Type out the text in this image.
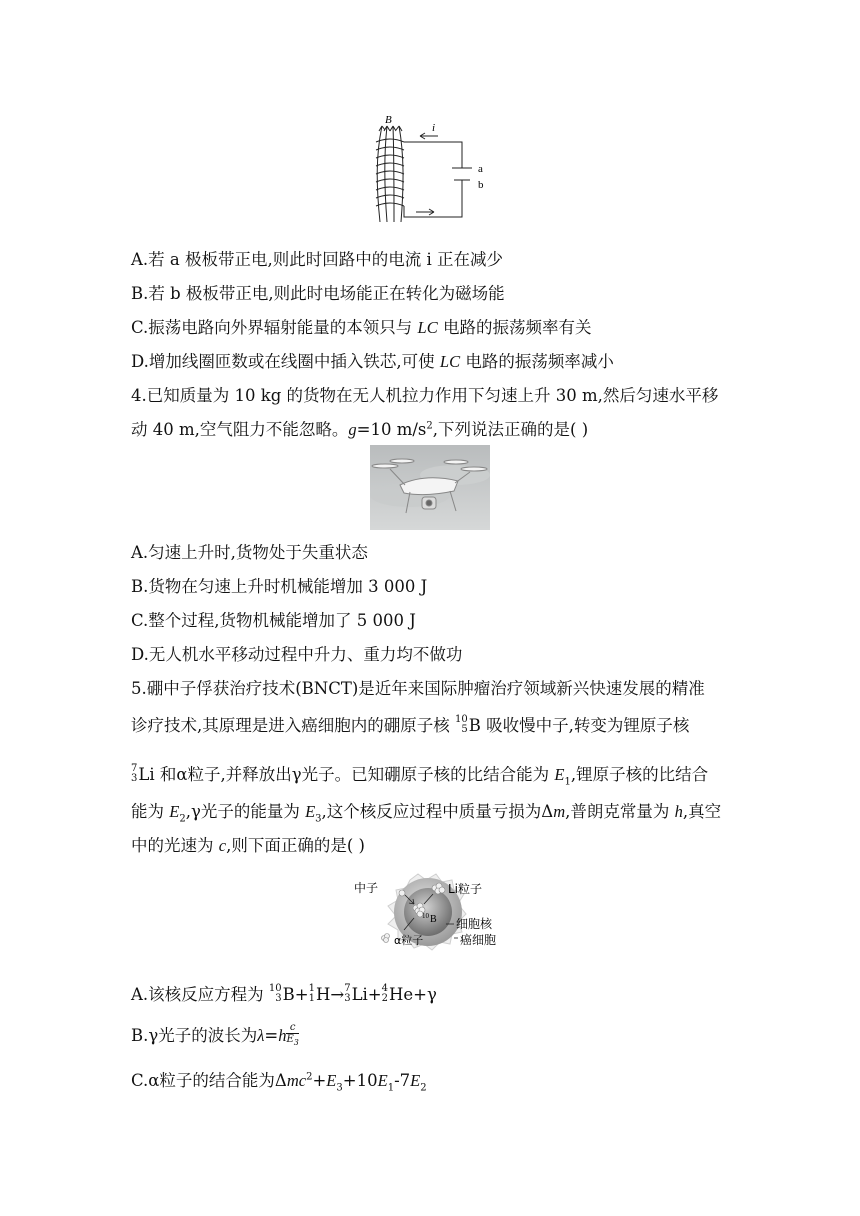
B
i
a
b
A.若 a 极板带正电,则此时回路中的电流 i 正在减少
B.若 b 极板带正电,则此时电场能正在转化为磁场能
C.振荡电路向外界辐射能量的本领只与 LC 电路的振荡频率有关
D.增加线圈匝数或在线圈中插入铁芯,可使 LC 电路的振荡频率减小
4.已知质量为 10 kg 的货物在无人机拉力作用下匀速上升 30 m,然后匀速水平移
动 40 m,空气阻力不能忽略。g=10 $m/s^2$,下列说法正确的是( )
A.匀速上升时,货物处于失重状态
B.货物在匀速上升时机械能增加 3 000 J
C.整个过程,货物机械能增加了 5 000 J
D.无人机水平移动过程中升力、重力均不做功
5.硼中子俘获治疗技术(BNCT)是近年来国际肿瘤治疗领域新兴快速发展的精准
诊疗技术,其原理是进入癌细胞内的硼原子核 10
5 B 吸收慢中子,转变为锂原子核
7
3 Li 和α粒子,并释放出γ光子。已知硼原子核的比结合能为 $E_1$,锂原子核的比结合
能为 $E_2,\gamma$光子的能量为 $E_3$,这个核反应过程中质量亏损为Δm,普朗克常量为 h,真空
中的光速为 c,则下面正确的是( )
中子	Li粒子
10 B 细胞核
α粒子	癌细胞
A.该核反应方程为 10
3 B+ 1
1 H→ 7
3 Li+ 4
2 He+γ
B.γ光子的波长为$\lambda=h \frac{c}{E_3}$
C.α粒子的结合能为$\Delta mc^2+E_3+10E_1-7E_2$
